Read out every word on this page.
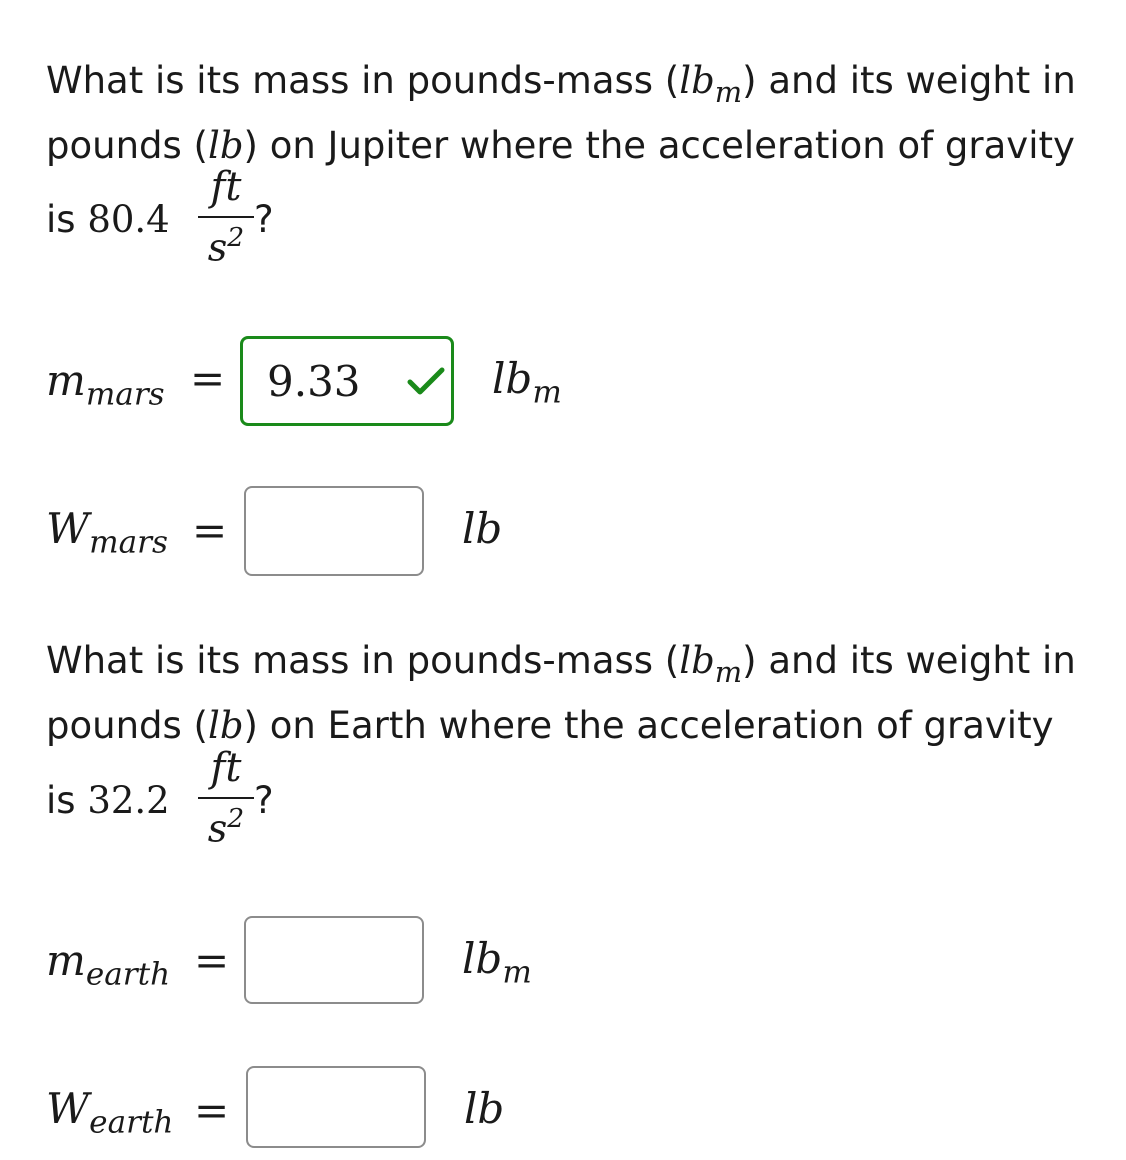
What is its mass in pounds-mass $(lb_m)$ and its weight in
pounds (lb) on Jupiter where the acceleration of gravity
is 80.4
ft
$s^2$ ?
$m_{mars}$ =
9.33	$lb_m$
$W_{mars}$ =	lb
What is its mass in pounds-mass $(lb_m)$ and its weight in
pounds (lb) on Earth where the acceleration of gravity
is 32.2
ft
$s^2$ ?
$m_{earth}$ =	$lb_m$
$W_{earth}$ =	lb
